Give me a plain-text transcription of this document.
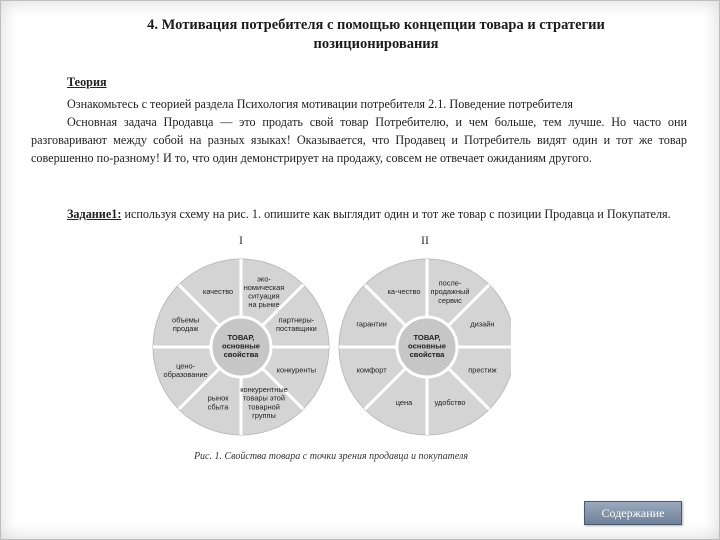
4. Мотивация потребителя с помощью концепции товара и стратегии
позиционирования
Теория
Ознакомьтесь с теорией раздела Психология мотивации потребителя 2.1. Поведение потребителя
Основная задача Продавца — это продать свой товар Потребителю, и чем больше, тем лучше. Но часто они разговаривают между собой на разных языках! Оказывается, что Продавец и Потребитель видят один и тот же товар совершенно по-разному! И то, что один демонстрирует на продажу, совсем не отвечает ожиданиям другого.
Задание1: используя схему на рис. 1. опишите как выглядит один и тот же товар с позиции Продавца и Покупателя.
I	II
ТОВАР,
основные
свойства
эко-
номическая
ситуация
на рынке
партнеры-
поставщики
конкуренты
конкурентные
товары этой
товарной
группы
рынок
сбыта
цено-
образование
объемы
продаж
качество
ТОВАР,
основные
свойства
после-
продажный
сервис
дизайн
престиж
удобство
цена
комфорт
гарантии
ка-чество
Рис. 1. Свойства товара с точки зрения продавца и покупателя
Содержание
